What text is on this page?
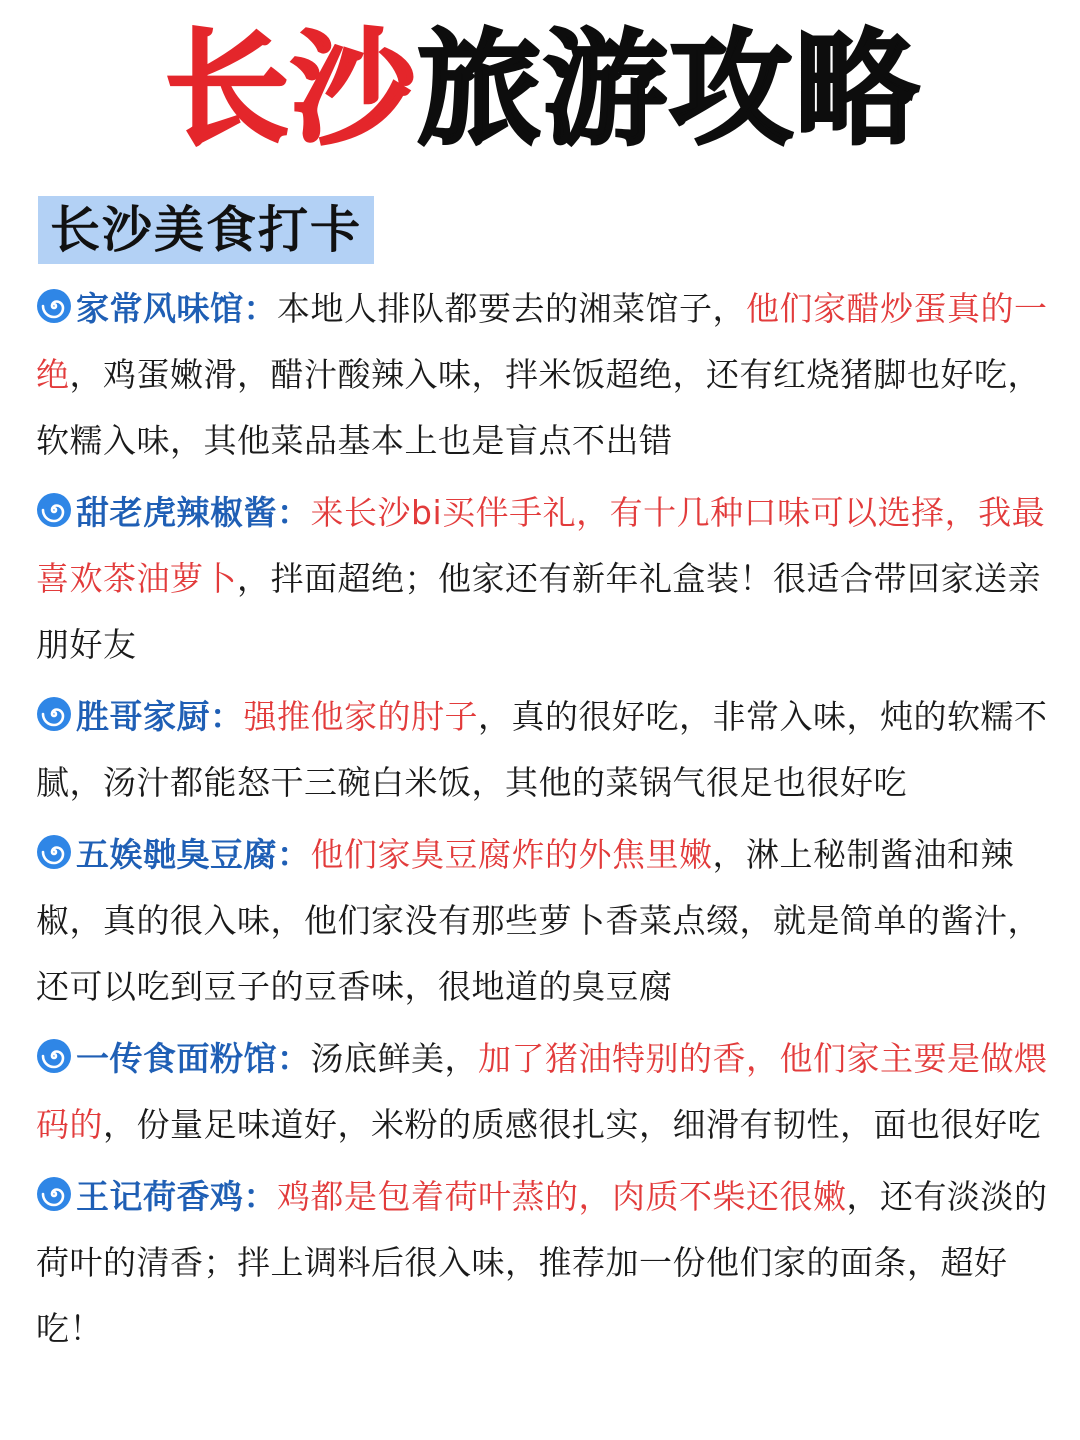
长沙旅游攻略
长沙美食打卡

家常风味馆：本地人排队都要去的湘菜馆子，他们家醋炒蛋真的一绝，鸡蛋嫩滑，醋汁酸辣入味，拌米饭超绝，还有红烧猪脚也好吃，软糯入味，其他菜品基本上也是盲点不出错

甜老虎辣椒酱：来长沙bi买伴手礼，有十几种口味可以选择，我最喜欢茶油萝卜，拌面超绝；他家还有新年礼盒装！很适合带回家送亲朋好友

胜哥家厨：强推他家的肘子，真的很好吃，非常入味，炖的软糯不腻，汤汁都能怒干三碗白米饭，其他的菜锅气很足也很好吃

五娭毑臭豆腐：他们家臭豆腐炸的外焦里嫩，淋上秘制酱油和辣椒，真的很入味，他们家没有那些萝卜香菜点缀，就是简单的酱汁，还可以吃到豆子的豆香味，很地道的臭豆腐

一传食面粉馆：汤底鲜美，加了猪油特别的香，他们家主要是做煨码的，份量足味道好，米粉的质感很扎实，细滑有韧性，面也很好吃

王记荷香鸡：鸡都是包着荷叶蒸的，肉质不柴还很嫩，还有淡淡的荷叶的清香；拌上调料后很入味，推荐加一份他们家的面条，超好吃！
